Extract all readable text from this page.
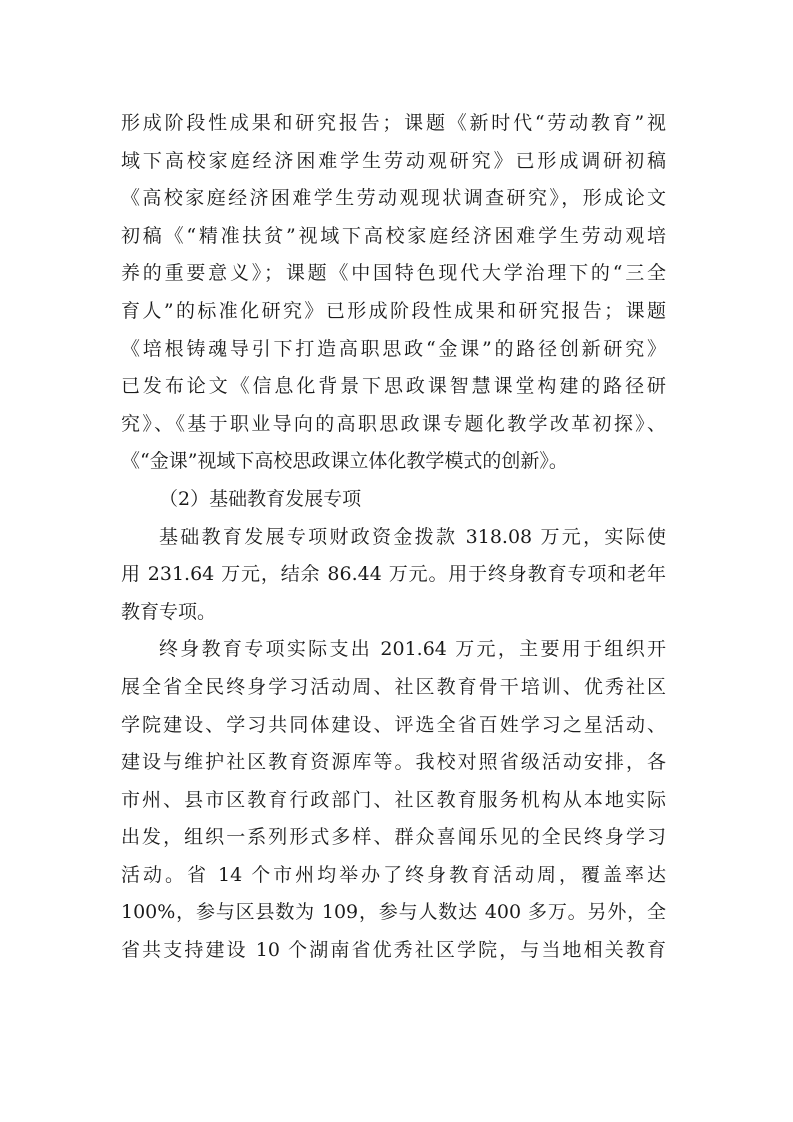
形成阶段性成果和研究报告；课题《新时代“劳动教育”视

域下高校家庭经济困难学生劳动观研究》已形成调研初稿

《高校家庭经济困难学生劳动观现状调查研究》，形成论文

初稿《“精准扶贫”视域下高校家庭经济困难学生劳动观培

养的重要意义》；课题《中国特色现代大学治理下的“三全

育人”的标准化研究》已形成阶段性成果和研究报告；课题

《培根铸魂导引下打造高职思政“金课”的路径创新研究》

已发布论文《信息化背景下思政课智慧课堂构建的路径研

究》、《基于职业导向的高职思政课专题化教学改革初探》、

《“金课”视域下高校思政课立体化教学模式的创新》。

（2）基础教育发展专项

基础教育发展专项财政资金拨款 318.08 万元，实际使

用 231.64 万元，结余 86.44 万元。用于终身教育专项和老年

教育专项。

终身教育专项实际支出 201.64 万元，主要用于组织开

展全省全民终身学习活动周、社区教育骨干培训、优秀社区

学院建设、学习共同体建设、评选全省百姓学习之星活动、

建设与维护社区教育资源库等。我校对照省级活动安排，各

市州、县市区教育行政部门、社区教育服务机构从本地实际

出发，组织一系列形式多样、群众喜闻乐见的全民终身学习

活动。省 14 个市州均举办了终身教育活动周，覆盖率达

100%，参与区县数为 109，参与人数达 400 多万。另外，全

省共支持建设 10 个湖南省优秀社区学院，与当地相关教育
